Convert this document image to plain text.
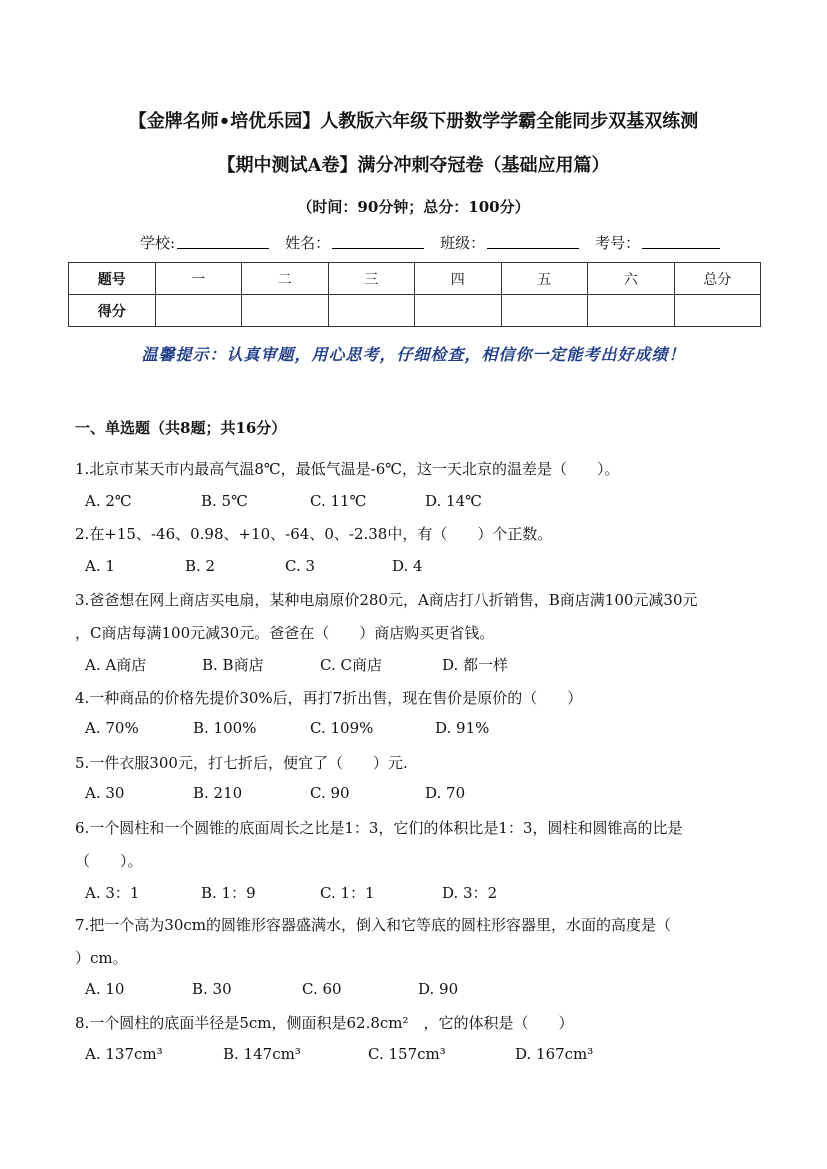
【金牌名师•培优乐园】人教版六年级下册数学学霸全能同步双基双练测
【期中测试A卷】满分冲刺夺冠卷（基础应用篇）
（时间：90分钟；总分：100分）
学校:	姓名：	班级：	考号：
题号	一	二	三	四	五	六	总分
得分							
温馨提示：认真审题，用心思考，仔细检查，相信你一定能考出好成绩！
一、单选题（共8题；共16分）
1.北京市某天市内最高气温8℃，最低气温是-6℃，这一天北京的温差是（　　）。
A. 2℃	B. 5℃	C. 11℃	D. 14℃
2.在+15、-46、0.98、+10、-64、0、-2.38中，有（　　）个正数。
A. 1	B. 2	C. 3	D. 4
3.爸爸想在网上商店买电扇，某种电扇原价280元，A商店打八折销售，B商店满100元减30元
，C商店每满100元减30元。爸爸在（　　）商店购买更省钱。
A. A商店	B. B商店	C. C商店	D. 都一样
4.一种商品的价格先提价30%后，再打7折出售，现在售价是原价的（　　）
A. 70%	B. 100%	C. 109%	D. 91%
5.一件衣服300元，打七折后，便宜了（　　）元.
A. 30	B. 210	C. 90	D. 70
6.一个圆柱和一个圆锥的底面周长之比是1：3，它们的体积比是1：3，圆柱和圆锥高的比是
（　　）。
A. 3：1	B. 1：9	C. 1：1	D. 3：2
7.把一个高为30cm的圆锥形容器盛满水，倒入和它等底的圆柱形容器里，水面的高度是（
）cm。
A. 10	B. 30	C. 60	D. 90
8.一个圆柱的底面半径是5cm，侧面积是62.8cm²　，它的体积是（　　）
A. 137cm³	B. 147cm³	C. 157cm³	D. 167cm³
